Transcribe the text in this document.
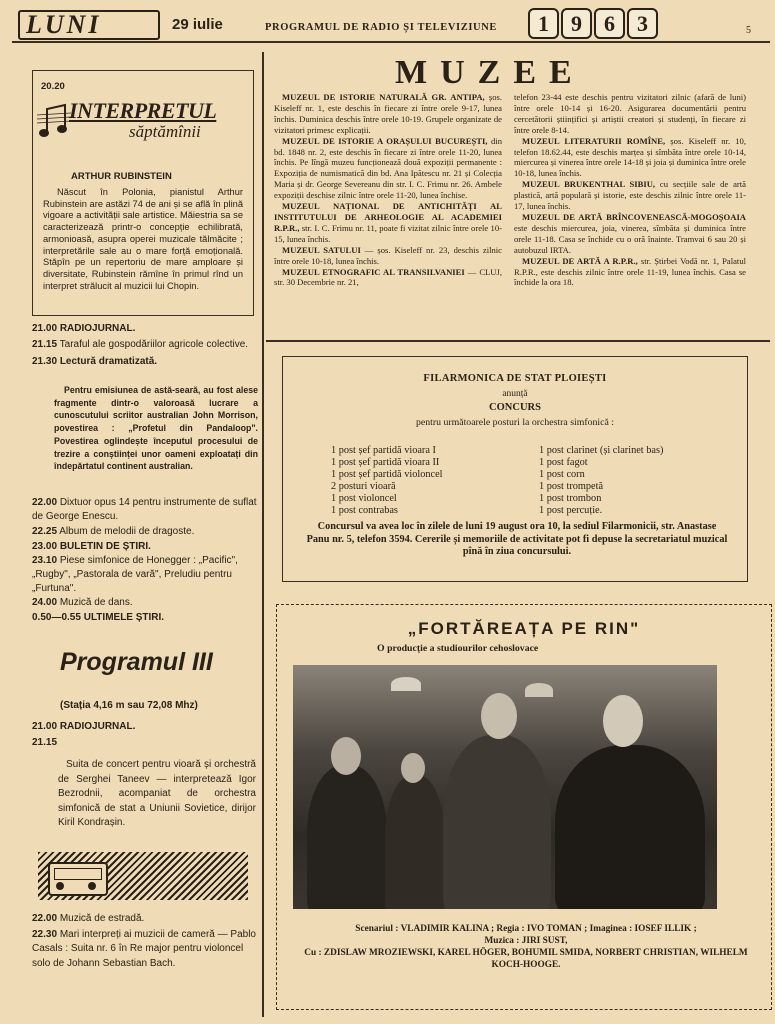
LUNI	29 iulie	PROGRAMUL DE RADIO ȘI TELEVIZIUNE	1 9 6 3	5
20.20
INTERPRETUL
săptămînii
ARTHUR RUBINSTEIN

Născut în Polonia, pianistul Arthur Rubinstein are astăzi 74 de ani și se află în plină vigoare a activității sale artistice. Măiestria sa se caracterizează printr-o concepție echilibrată, armonioasă, asupra operei muzicale tălmăcite ; interpretările sale au o mare forță emoțională. Stăpîn pe un repertoriu de mare amploare și diversitate, Rubinstein rămîne în primul rînd un interpret strălucit al muzicii lui Chopin.

21.00 RADIOJURNAL.

21.15 Taraful ale gospodăriilor agricole colective.

21.30 Lectură dramatizată.

Pentru emisiunea de astă-seară, au fost alese fragmente dintr-o valoroasă lucrare a cunoscutului scriitor australian John Morrison, povestirea : „Profetul din Pandaloop". Povestirea oglindește începutul procesului de trezire a conștiinței unor oameni exploatați din îndepărtatul continent australian.

22.00 Dixtuor opus 14 pentru instrumente de suflat de George Enescu.

22.25 Album de melodii de dragoste.

23.00 BULETIN DE ȘTIRI.

23.10 Piese simfonice de Honegger : „Pacific", „Rugby", „Pastorala de vară", Preludiu pentru „Furtuna".

24.00 Muzică de dans.

0.50—0.55 ULTIMELE ȘTIRI.

Programul III
(Stația 4,16 m sau 72,08 Mhz)

21.00 RADIOJURNAL.

21.15

Suita de concert pentru vioară și orchestră de Serghei Taneev — interpretează Igor Bezrodnii, acompaniat de orchestra simfonică de stat a Uniunii Sovietice, dirijor Kiril Kondrașin.

22.00 Muzică de estradă.

22.30 Mari interpreți ai muzicii de cameră — Pablo Casals : Suita nr. 6 în Re major pentru violoncel solo de Johann Sebastian Bach.

MUZEE

MUZEUL DE ISTORIE NATURALĂ GR. ANTIPA, șos. Kiseleff nr. 1, este deschis în fiecare zi între orele 9-17, lunea închis. Duminica deschis între orele 10-19. Grupele organizate de vizitatori primesc explicații.

MUZEUL DE ISTORIE A ORAȘULUI BUCUREȘTI, din bd. 1848 nr. 2, este deschis în fiecare zi între orele 11-20, lunea închis. Pe lîngă muzeu funcționează două expoziții permanente : Expoziția de numismatică din bd. Ana Ipătescu nr. 21 și Colecția Maria și dr. George Severeanu din str. I. C. Frimu nr. 26. Ambele expoziții deschise zilnic între orele 11-20, lunea închise.

MUZEUL NAȚIONAL DE ANTICHITĂȚI AL INSTITUTULUI DE ARHEOLOGIE AL ACADEMIEI R.P.R., str. I. C. Frimu nr. 11, poate fi vizitat zilnic între orele 10-15, lunea închis.

MUZEUL SATULUI — șos. Kiseleff nr. 23, deschis zilnic între orele 10-18, lunea închis.

MUZEUL ETNOGRAFIC AL TRANSILVANIEI — CLUJ, str. 30 Decembrie nr. 21,

telefon 23-44 este deschis pentru vizitatori zilnic (afară de luni) între orele 10-14 și 16-20. Asigurarea documentării pentru cercetătorii științifici și artiștii creatori și studenți, în fiecare zi între orele 8-14.

MUZEUL LITERATURII ROMÎNE, șos. Kiseleff nr. 10, telefon 18.62.44, este deschis marțea și sîmbăta între orele 10-14, miercurea și vinerea între orele 14-18 și joia și duminica între orele 10-18, lunea închis.

MUZEUL BRUKENTHAL SIBIU, cu secțiile sale de artă plastică, artă populară și istorie, este deschis zilnic între orele 11-17, lunea închis.

MUZEUL DE ARTĂ BRÎNCOVENEASCĂ-MOGOȘOAIA este deschis miercurea, joia, vinerea, sîmbăta și duminica între orele 11-18. Casa se închide cu o oră înainte. Tramvai 6 sau 20 și autobuzul IRTA.

MUZEUL DE ARTĂ A R.P.R., str. Știrbei Vodă nr. 1, Palatul R.P.R., este deschis zilnic între orele 11-19, lunea închis. Casa se închide la ora 18.

FILARMONICA DE STAT PLOIEȘTI
anunță
CONCURS
pentru următoarele posturi la orchestra simfonică :
1 post șef partidă vioara I
1 post șef partidă vioara II
1 post șef partidă violoncel
2 posturi vioară
1 post violoncel
1 post contrabas
1 post clarinet (și clarinet bas)
1 post fagot
1 post corn
1 post trompetă
1 post trombon
1 post percuție.

Concursul va avea loc în zilele de luni 19 august ora 10, la sediul Filarmonicii, str. Anastase Panu nr. 5, telefon 3594. Cererile și memoriile de activitate pot fi depuse la secretariatul muzical pînă în ziua concursului.

„FORTĂREAȚA PE RIN"
O producție a studiourilor cehoslovace
Scenariul : VLADIMIR KALINA ; Regia : IVO TOMAN ; Imaginea : IOSEF ILLIK ;
Muzica : JIRI SUST,
Cu : ZDISLAW MROZIEWSKI, KAREL HÖGER, BOHUMIL SMIDA, NORBERT CHRISTIAN, WILHELM KOCH-HOOGE.
